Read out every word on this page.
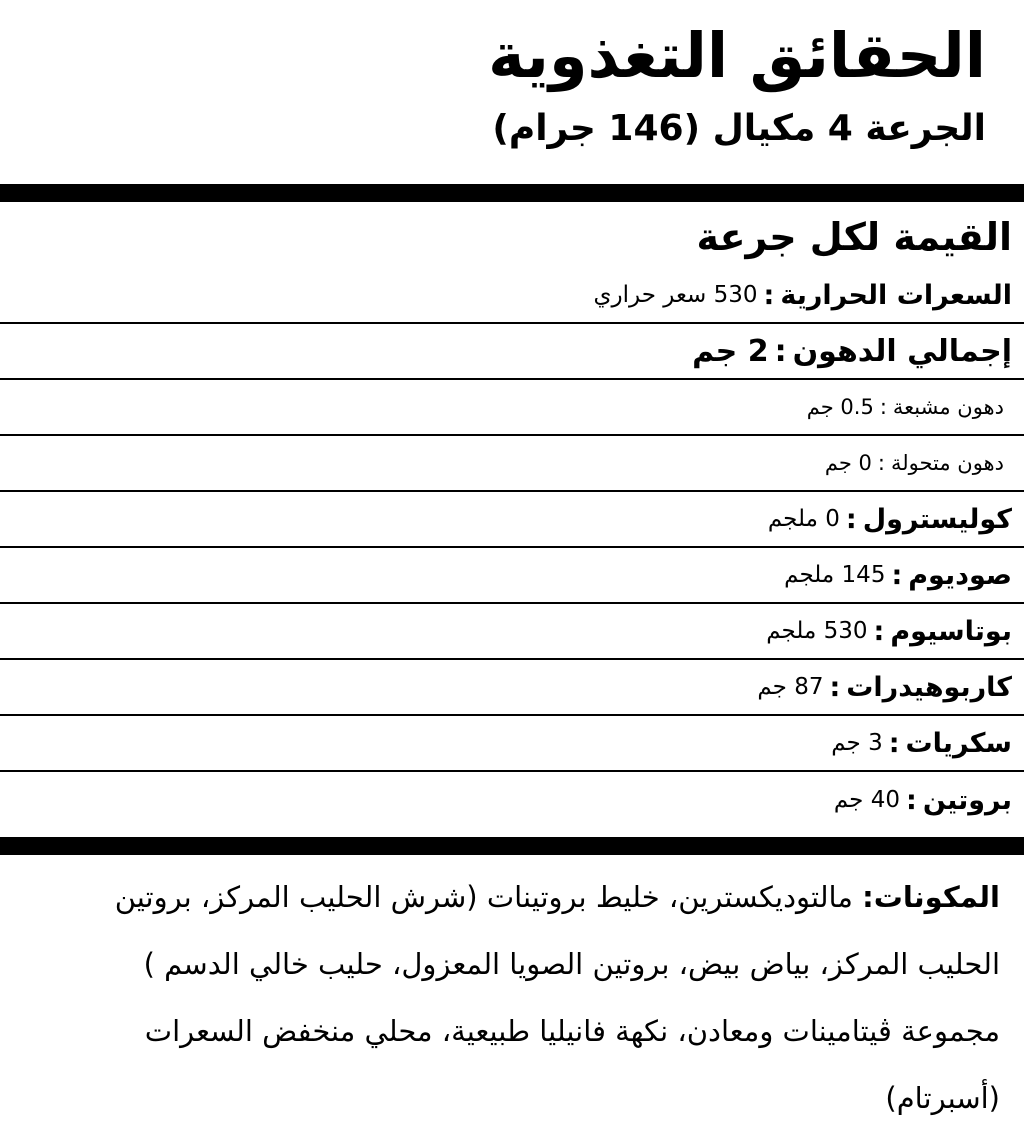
الحقائق التغذوية
الجرعة 4 مكيال (146 جرام)
القيمة لكل جرعة
السعرات الحرارية
:
530 سعر حراري
إجمالي الدهون
:
2 جم
دهون مشبعة
:
0.5 جم
دهون متحولة
:
0 جم
كوليسترول
:
0 ملجم
صوديوم
:
145 ملجم
بوتاسيوم
:
530 ملجم
كاربوهيدرات
:
87 جم
سكريات
:
3 جم
بروتين
:
40 جم
المكونات: مالتوديكسترين، خليط بروتينات (شرش الحليب المركز، بروتين الحليب المركز، بياض بيض، بروتين الصويا المعزول، حليب خالي الدسم ) مجموعة ڤيتامينات ومعادن، نكهة فانيليا طبيعية، محلي منخفض السعرات (أسبرتام)
